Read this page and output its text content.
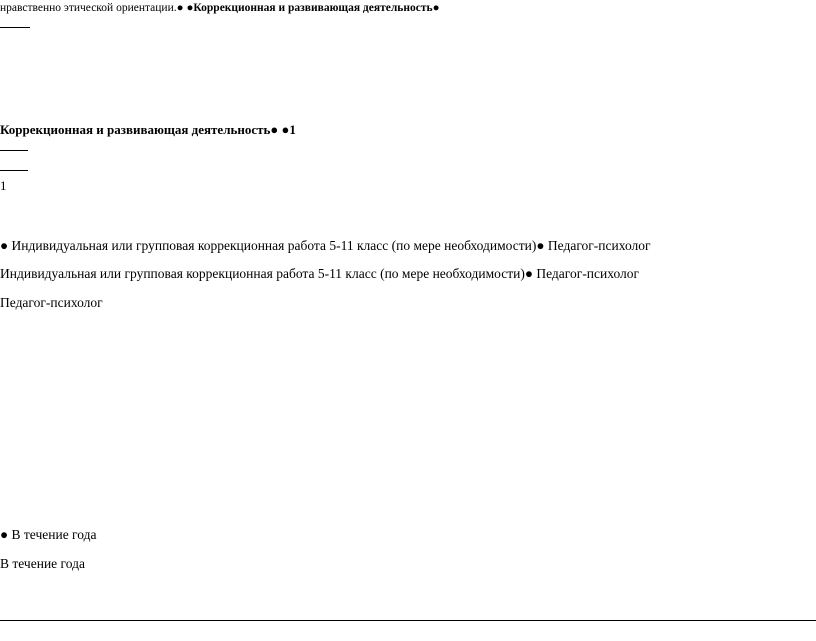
нравственно этической ориентации.● ●Коррекционная и развивающая деятельность●
Коррекционная и развивающая деятельность● ●1
1
● Индивидуальная или групповая коррекционная работа 5-11 класс (по мере необходимости)● Педагог-психолог
Индивидуальная или групповая коррекционная работа 5-11 класс (по мере необходимости)● Педагог-психолог
Педагог-психолог
● В течение года
В течение года
